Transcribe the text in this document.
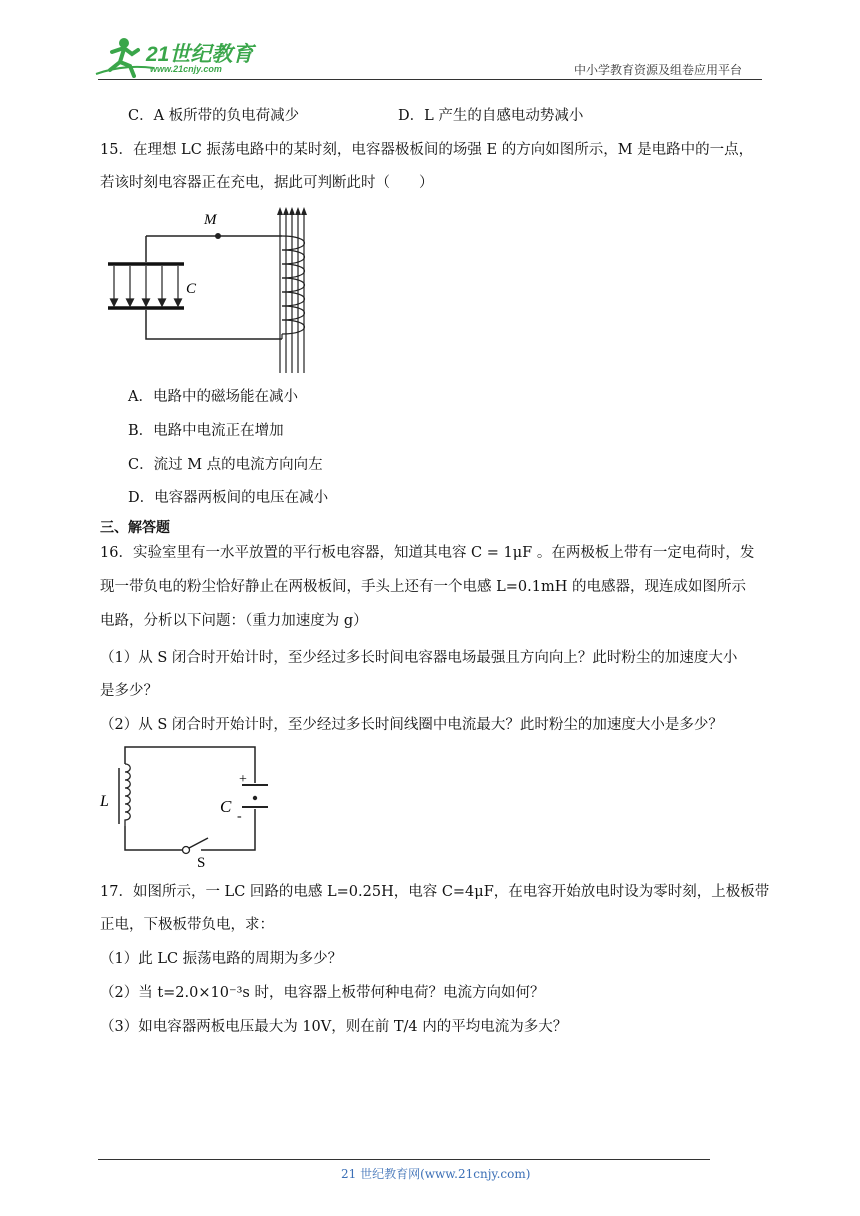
21世纪教育
www.21cnjy.com	中小学教育资源及组卷应用平台
C．A 板所带的负电荷减少	D．L 产生的自感电动势减小
15．在理想 LC 振荡电路中的某时刻，电容器极板间的场强 E 的方向如图所示，M 是电路中的一点，
若该时刻电容器正在充电，据此可判断此时（　　）
M
C
A．电路中的磁场能在减小
B．电路中电流正在增加
C．流过 M 点的电流方向向左
D．电容器两板间的电压在减小
三、解答题
16．实验室里有一水平放置的平行板电容器，知道其电容 C = 1μF 。在两极板上带有一定电荷时，发
现一带负电的粉尘恰好静止在两极板间，手头上还有一个电感 L=0.1mH 的电感器，现连成如图所示
电路，分析以下问题：（重力加速度为 g）
（1）从 S 闭合时开始计时，至少经过多长时间电容器电场最强且方向向上？此时粉尘的加速度大小
是多少？
（2）从 S 闭合时开始计时，至少经过多长时间线圈中电流最大？此时粉尘的加速度大小是多少？
L
+
-
C
S
17．如图所示，一 LC 回路的电感 L=0.25H，电容 C=4μF，在电容开始放电时设为零时刻，上极板带
正电，下极板带负电，求：
（1）此 LC 振荡电路的周期为多少？
（2）当 t=2.0×10⁻³s 时，电容器上板带何种电荷？电流方向如何？
（3）如电容器两板电压最大为 10V，则在前 T/4 内的平均电流为多大？
21 世纪教育网(www.21cnjy.com)
